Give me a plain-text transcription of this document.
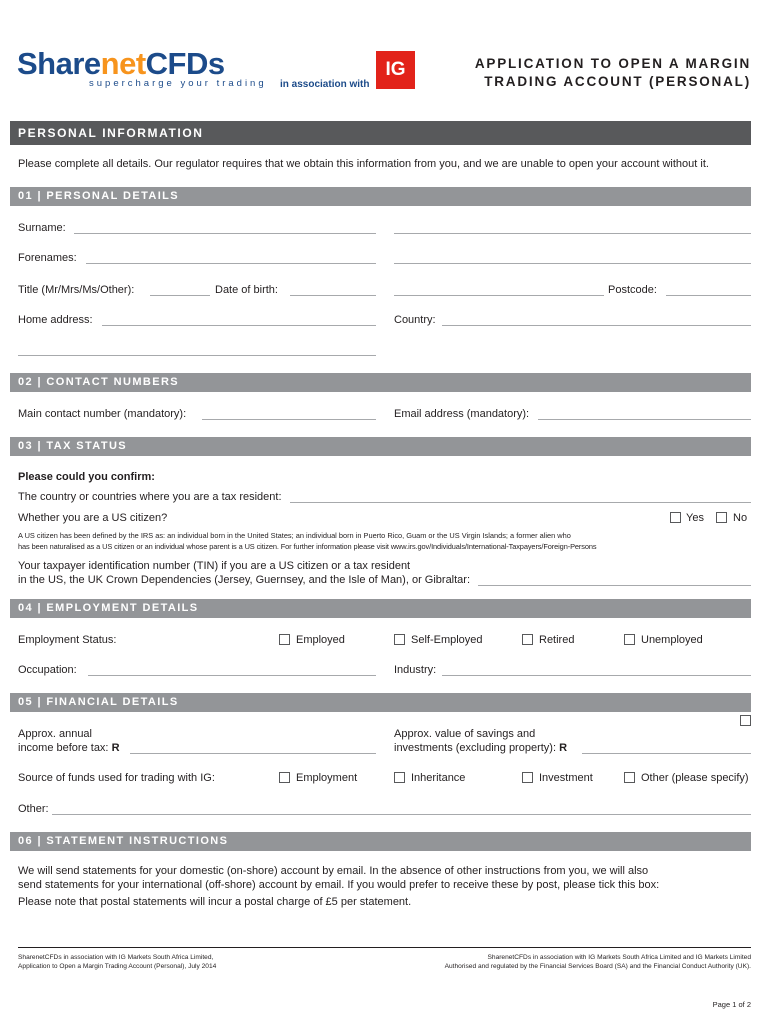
SharenetCFDs
supercharge your trading in association with
IG	APPLICATION TO OPEN A MARGIN
TRADING ACCOUNT (PERSONAL)
PERSONAL INFORMATION
Please complete all details. Our regulator requires that we obtain this information from you, and we are unable to open your account without it.
01 | PERSONAL DETAILS
Surname:
Forenames:
Title (Mr/Mrs/Ms/Other):	Date of birth:	Postcode:
Home address:	Country:
02 | CONTACT NUMBERS
Main contact number (mandatory):	Email address (mandatory):
03 | TAX STATUS
Please could you confirm:
The country or countries where you are a tax resident:
Whether you are a US citizen?	Yes	No
A US citizen has been defined by the IRS as: an individual born in the United States; an individual born in Puerto Rico, Guam or the US Virgin Islands; a former alien who
has been naturalised as a US citizen or an individual whose parent is a US citizen. For further information please visit www.irs.gov/Individuals/International-Taxpayers/Foreign-Persons
Your taxpayer identification number (TIN) if you are a US citizen or a tax resident
in the US, the UK Crown Dependencies (Jersey, Guernsey, and the Isle of Man), or Gibraltar:
04 | EMPLOYMENT DETAILS
Employment Status:	Employed	Self-Employed	Retired	Unemployed
Occupation:	Industry:
05 | FINANCIAL DETAILS
Approx. annual
income before tax: R
Approx. value of savings and
investments (excluding property): R
Source of funds used for trading with IG:	Employment	Inheritance	Investment	Other (please specify)
Other:
06 | STATEMENT INSTRUCTIONS
We will send statements for your domestic (on-shore) account by email. In the absence of other instructions from you, we will also
send statements for your international (off-shore) account by email. If you would prefer to receive these by post, please tick this box:
Please note that postal statements will incur a postal charge of £5 per statement.
SharenetCFDs in association with IG Markets South Africa Limited,
Application to Open a Margin Trading Account (Personal), July 2014
SharenetCFDs in association with IG Markets South Africa Limited and IG Markets Limited
Authorised and regulated by the Financial Services Board (SA) and the Financial Conduct Authority (UK).
Page 1 of 2
